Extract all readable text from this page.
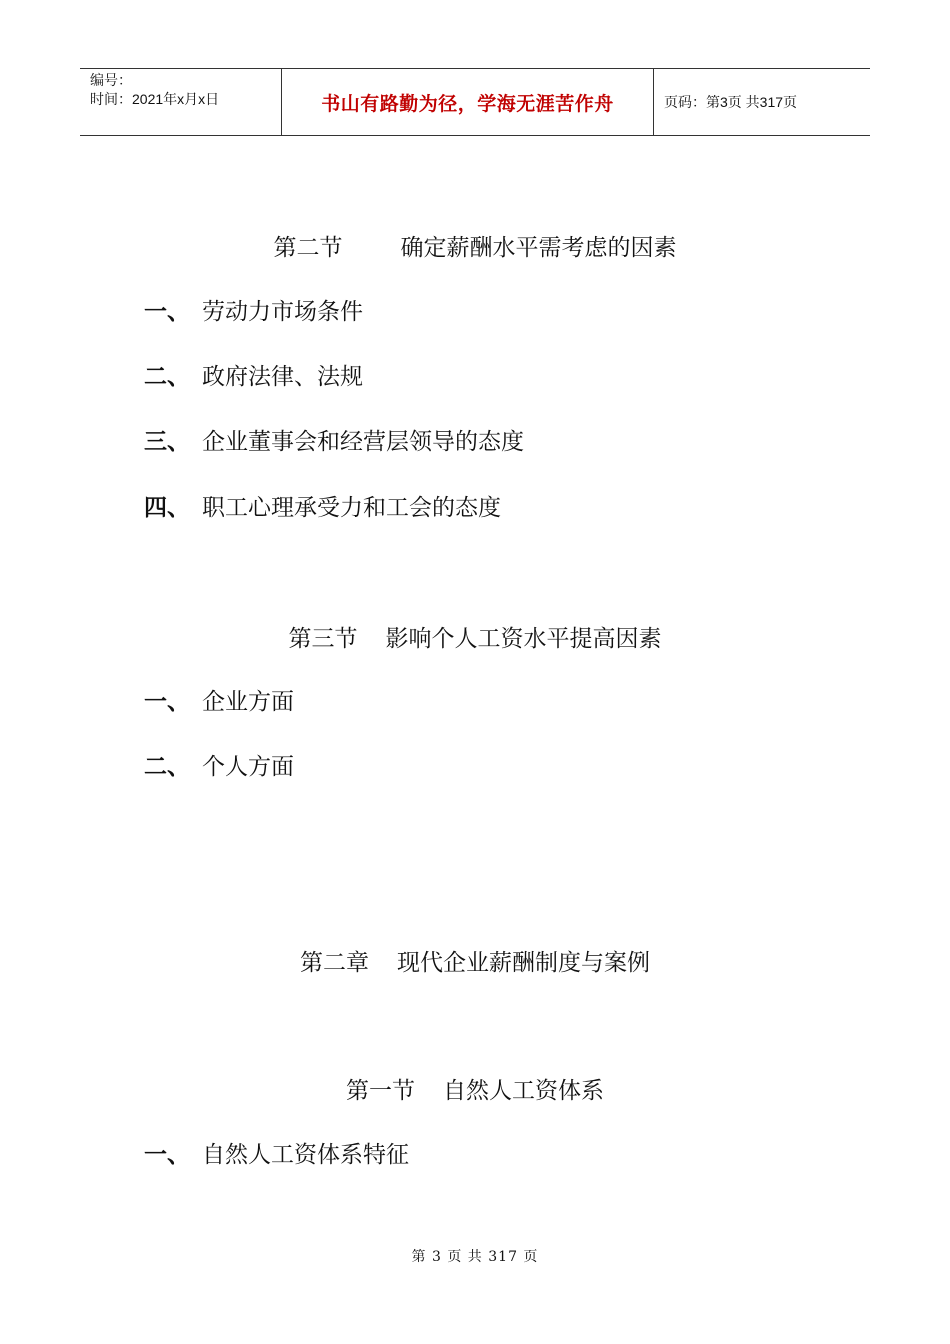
编号：
时间：2021年x月x日	书山有路勤为径，学海无涯苦作舟	页码：第3页 共317页
第二节	确定薪酬水平需考虑的因素
一、 劳动力市场条件
二、 政府法律、法规
三、 企业董事会和经营层领导的态度
四、 职工心理承受力和工会的态度
第三节 影响个人工资水平提高因素
一、 企业方面
二、 个人方面
第二章 现代企业薪酬制度与案例
第一节 自然人工资体系
一、 自然人工资体系特征
第 3 页 共 317 页
